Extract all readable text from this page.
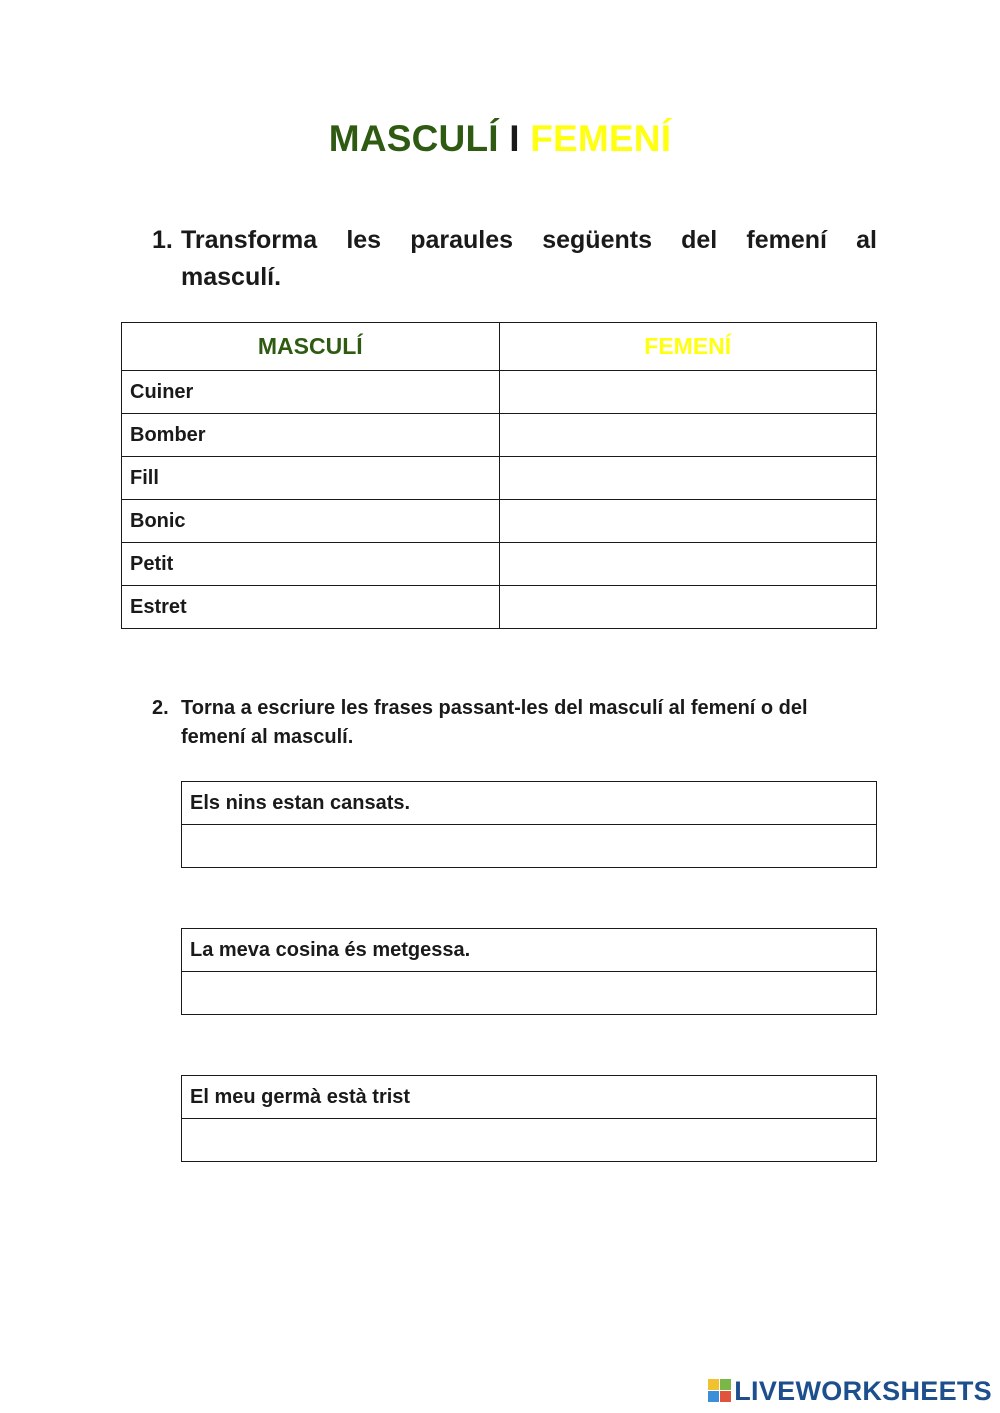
MASCULÍ I FEMENÍ
1. Transforma les paraules següents del femení al
masculí.
MASCULÍ	FEMENÍ
Cuiner	
Bomber	
Fill	
Bonic	
Petit	
Estret	
2. Torna a escriure les frases passant-les del masculí al femení o del
femení al masculí.
Els nins estan cansats.

La meva cosina és metgessa.

El meu germà està trist

LIVEWORKSHEETS
